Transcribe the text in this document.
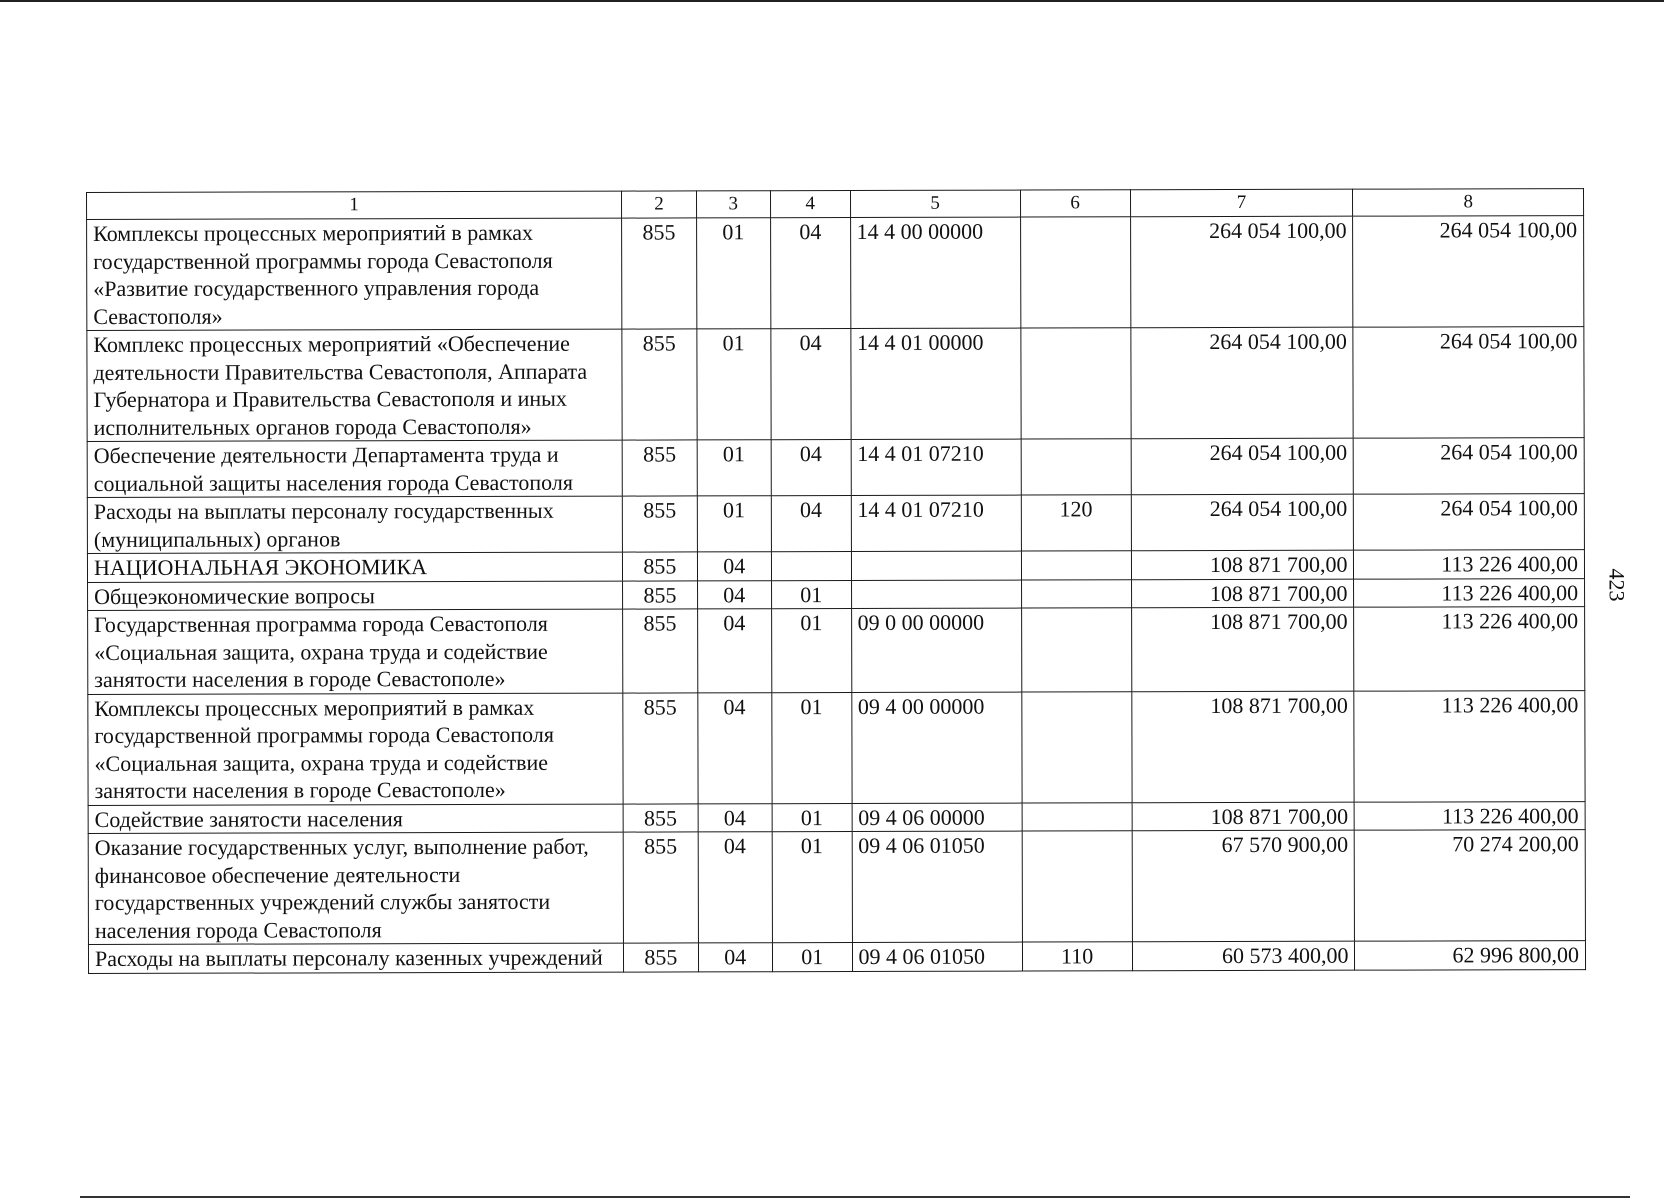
423
1	2	3	4	5	6	7	8
Комплексы процессных мероприятий в рамках государственной программы города Севастополя «Развитие государственного управления города Севастополя»	855	01	04	14 4 00 00000		264 054 100,00	264 054 100,00
Комплекс процессных мероприятий «Обеспечение деятельности Правительства Севастополя, Аппарата Губернатора и Правительства Севастополя и иных исполнительных органов города Севастополя»	855	01	04	14 4 01 00000		264 054 100,00	264 054 100,00
Обеспечение деятельности Департамента труда и социальной защиты населения города Севастополя	855	01	04	14 4 01 07210		264 054 100,00	264 054 100,00
Расходы на выплаты персоналу государственных (муниципальных) органов	855	01	04	14 4 01 07210	120	264 054 100,00	264 054 100,00
НАЦИОНАЛЬНАЯ ЭКОНОМИКА	855	04				108 871 700,00	113 226 400,00
Общеэкономические вопросы	855	04	01			108 871 700,00	113 226 400,00
Государственная программа города Севастополя «Социальная защита, охрана труда и содействие занятости населения в городе Севастополе»	855	04	01	09 0 00 00000		108 871 700,00	113 226 400,00
Комплексы процессных мероприятий в рамках государственной программы города Севастополя «Социальная защита, охрана труда и содействие занятости населения в городе Севастополе»	855	04	01	09 4 00 00000		108 871 700,00	113 226 400,00
Содействие занятости населения	855	04	01	09 4 06 00000		108 871 700,00	113 226 400,00
Оказание государственных услуг, выполнение работ, финансовое обеспечение деятельности государственных учреждений службы занятости населения города Севастополя	855	04	01	09 4 06 01050		67 570 900,00	70 274 200,00
Расходы на выплаты персоналу казенных учреждений	855	04	01	09 4 06 01050	110	60 573 400,00	62 996 800,00
